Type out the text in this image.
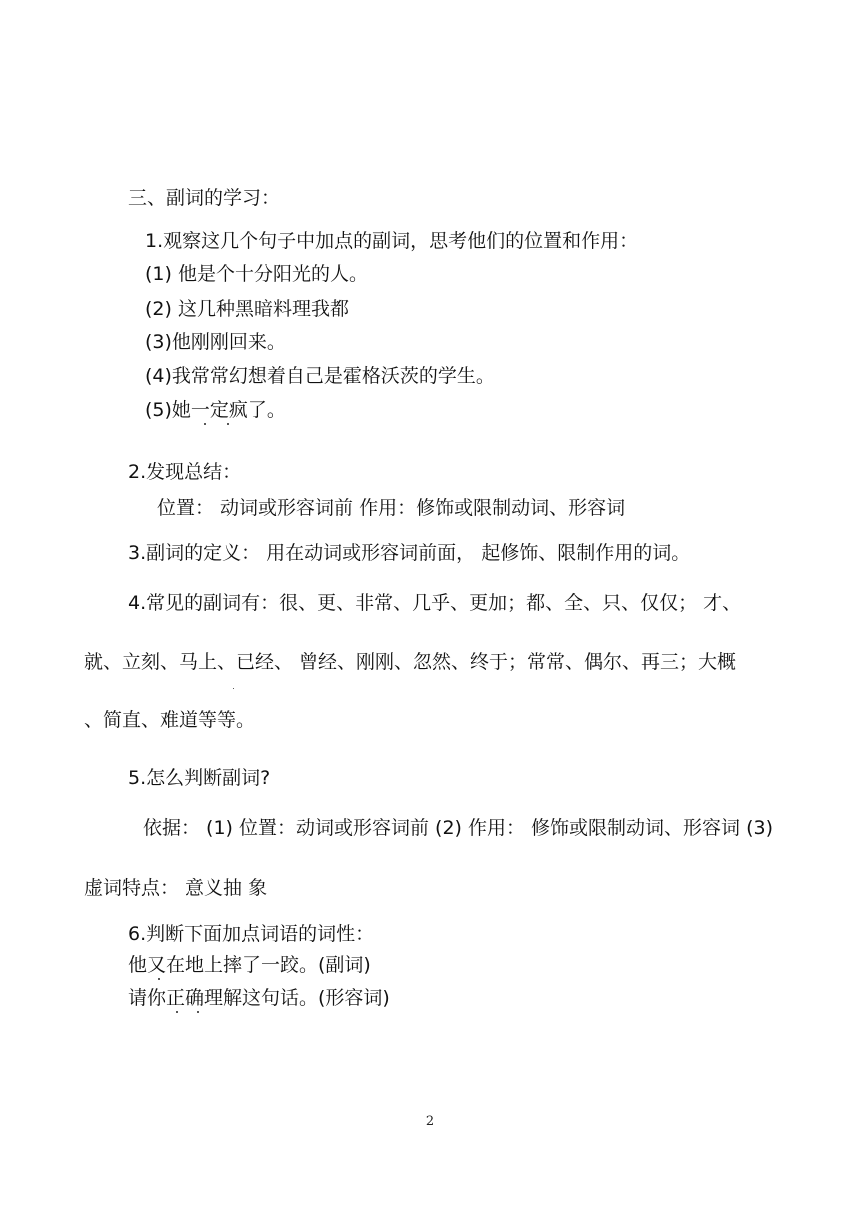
三、副词的学习：
1.观察这几个句子中加点的副词，思考他们的位置和作用：
(1) 他是个十分阳光的人。
(2) 这几种黑暗料理我都
(3)他刚刚回来。
(4)我常常幻想着自己是霍格沃茨的学生。
(5)她一定疯了。
2.发现总结：
位置： 动词或形容词前 作用：修饰或限制动词、形容词
3.副词的定义： 用在动词或形容词前面， 起修饰、限制作用的词。
4.常见的副词有：很、更、非常、几乎、更加；都、全、只、仅仅； 才、
就、立刻、马上、已经、 曾经、刚刚、忽然、终于；常常、偶尔、再三；大概
、简直、难道等等。
5.怎么判断副词?
依据： (1) 位置：动词或形容词前 (2) 作用： 修饰或限制动词、形容词 (3)
虚词特点： 意义抽 象
6.判断下面加点词语的词性：
他又在地上摔了一跤。(副词)
请你正确理解这句话。(形容词)
2
